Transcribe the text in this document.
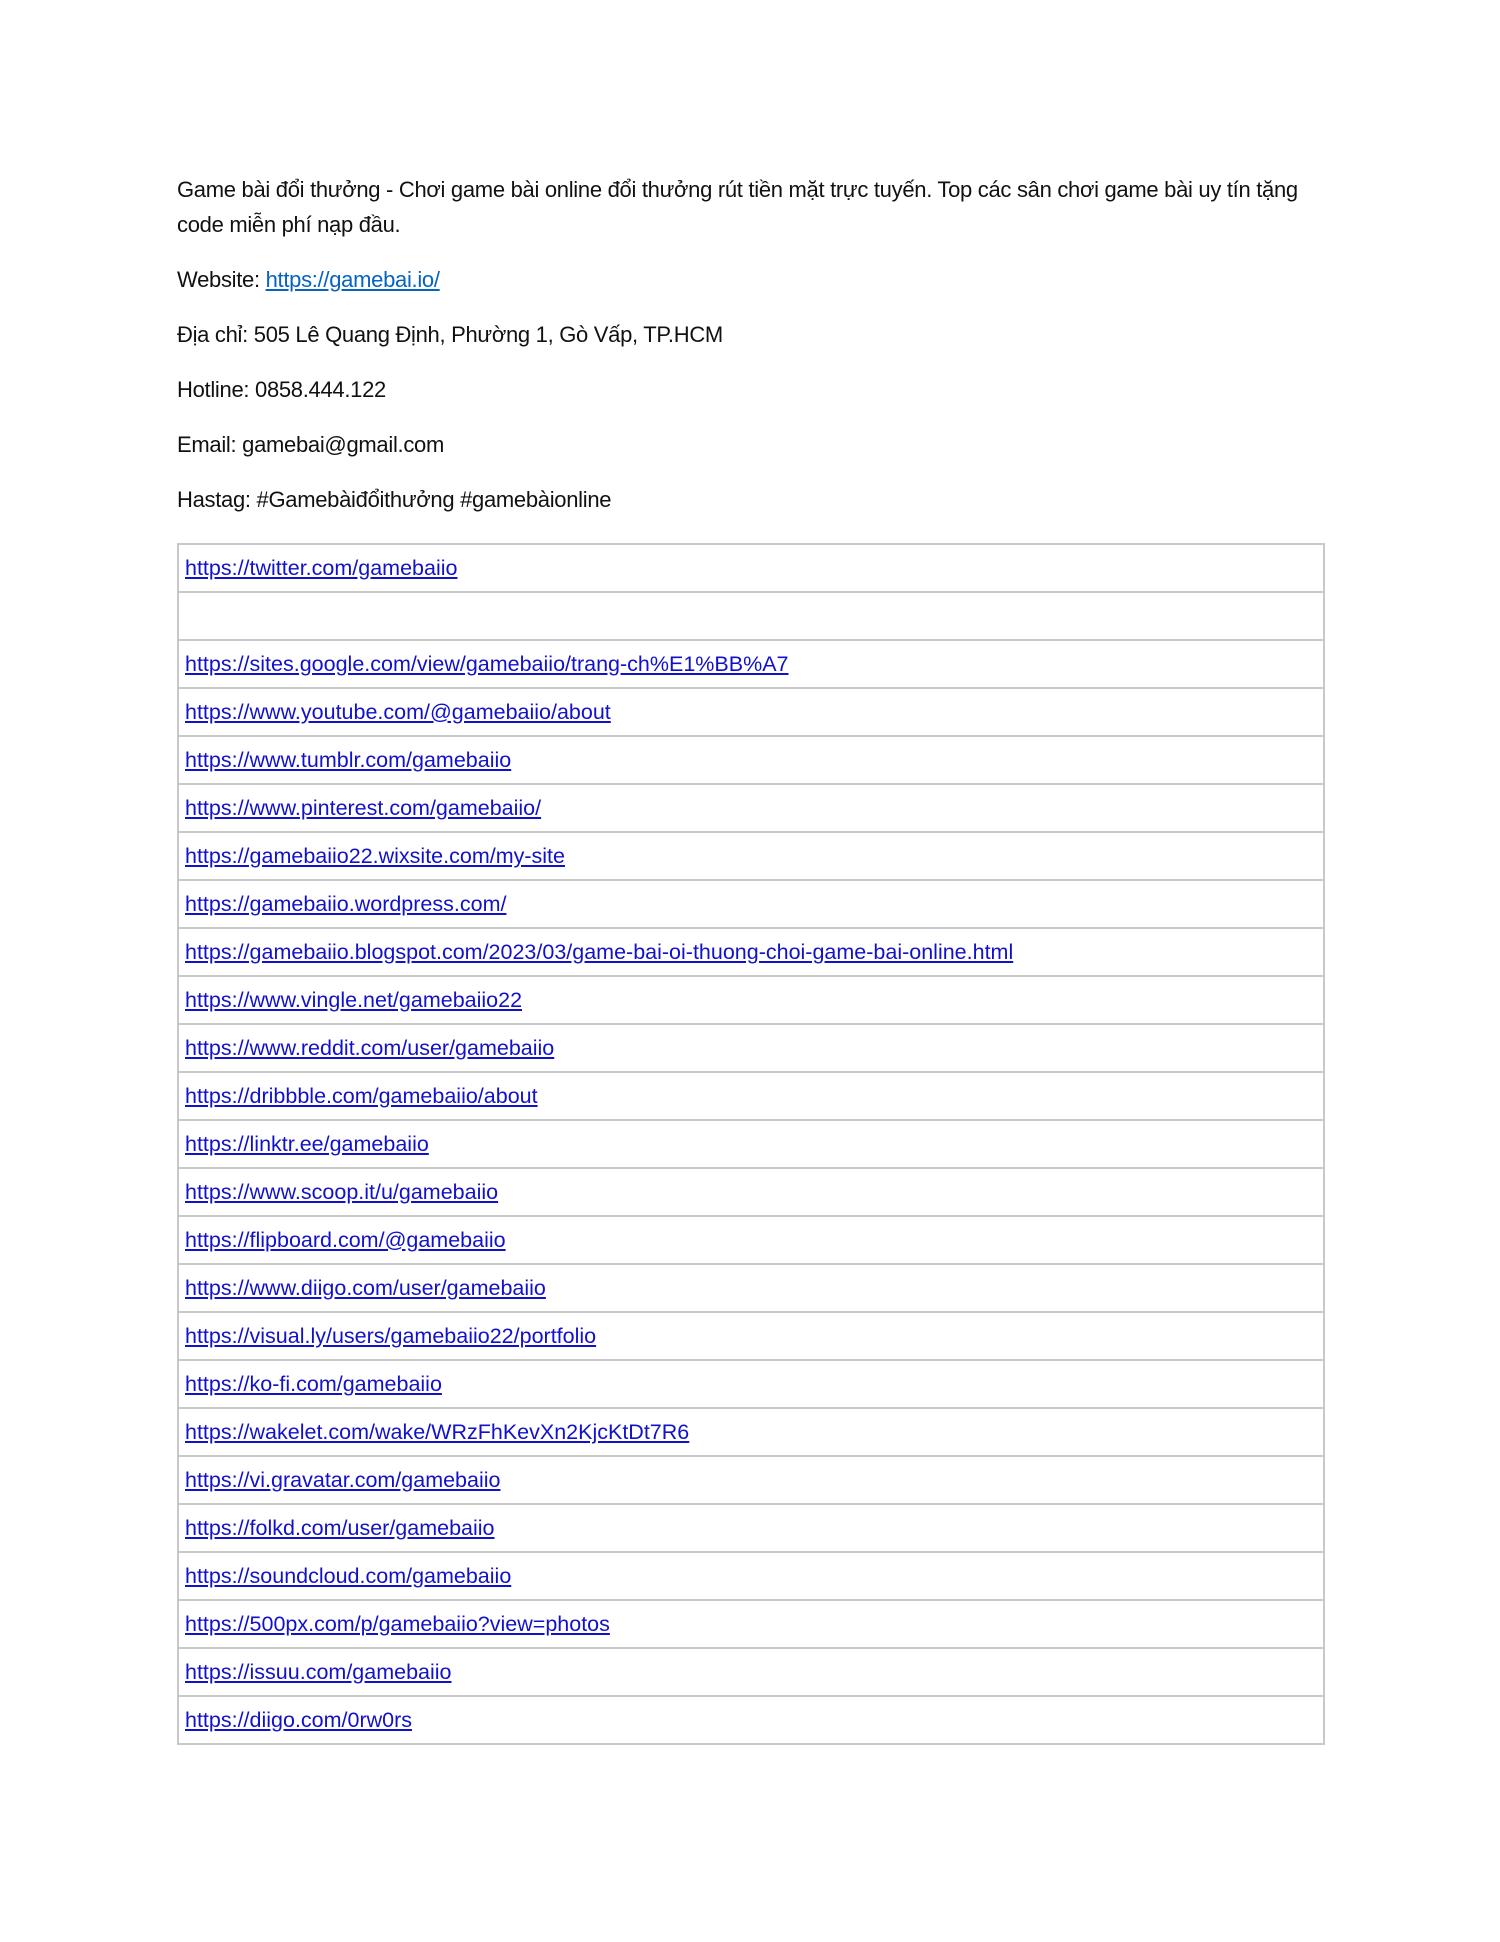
Game bài đổi thưởng - Chơi game bài online đổi thưởng rút tiền mặt trực tuyến. Top các sân chơi game bài uy tín tặng code miễn phí nạp đầu.

Website: https://gamebai.io/

Địa chỉ: 505 Lê Quang Định, Phường 1, Gò Vấp, TP.HCM

Hotline: 0858.444.122

Email: gamebai@gmail.com

Hastag: #Gamebàiđổithưởng #gamebàionline

https://twitter.com/gamebaiio

https://sites.google.com/view/gamebaiio/trang-ch%E1%BB%A7
https://www.youtube.com/@gamebaiio/about
https://www.tumblr.com/gamebaiio
https://www.pinterest.com/gamebaiio/
https://gamebaiio22.wixsite.com/my-site
https://gamebaiio.wordpress.com/
https://gamebaiio.blogspot.com/2023/03/game-bai-oi-thuong-choi-game-bai-online.html
https://www.vingle.net/gamebaiio22
https://www.reddit.com/user/gamebaiio
https://dribbble.com/gamebaiio/about
https://linktr.ee/gamebaiio
https://www.scoop.it/u/gamebaiio
https://flipboard.com/@gamebaiio
https://www.diigo.com/user/gamebaiio
https://visual.ly/users/gamebaiio22/portfolio
https://ko-fi.com/gamebaiio
https://wakelet.com/wake/WRzFhKevXn2KjcKtDt7R6
https://vi.gravatar.com/gamebaiio
https://folkd.com/user/gamebaiio
https://soundcloud.com/gamebaiio
https://500px.com/p/gamebaiio?view=photos
https://issuu.com/gamebaiio
https://diigo.com/0rw0rs
